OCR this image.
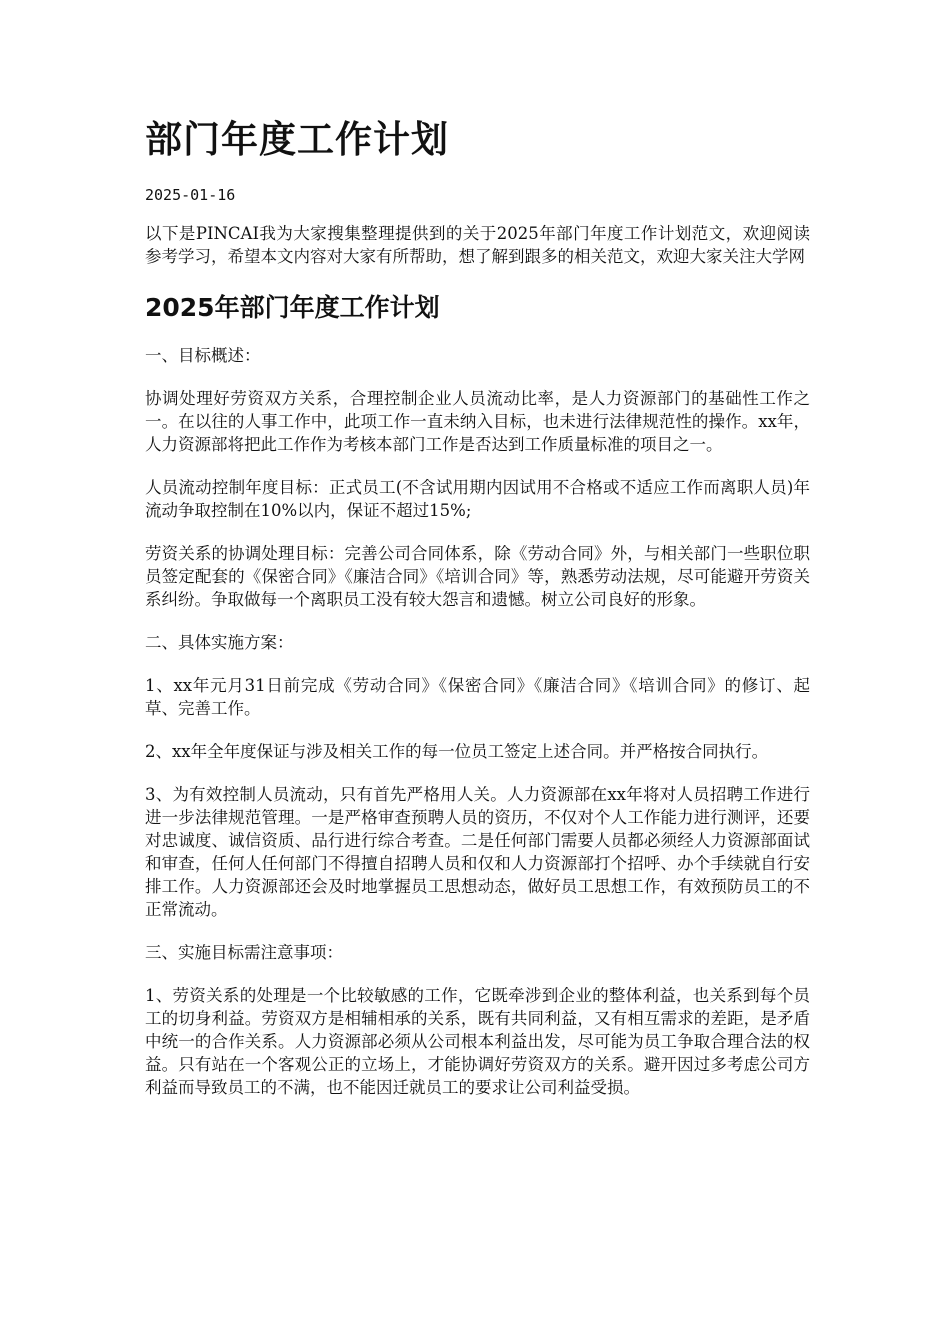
部门年度工作计划
2025-01-16

以下是PINCAI我为大家搜集整理提供到的关于2025年部门年度工作计划范文，欢迎阅读参考学习，希望本文内容对大家有所帮助，想了解到跟多的相关范文，欢迎大家关注大学网

2025年部门年度工作计划

一、目标概述：

协调处理好劳资双方关系，合理控制企业人员流动比率，是人力资源部门的基础性工作之一。在以往的人事工作中，此项工作一直未纳入目标，也未进行法律规范性的操作。xx年，人力资源部将把此工作作为考核本部门工作是否达到工作质量标准的项目之一。

人员流动控制年度目标：正式员工(不含试用期内因试用不合格或不适应工作而离职人员)年流动争取控制在10%以内，保证不超过15%;

劳资关系的协调处理目标：完善公司合同体系，除《劳动合同》外，与相关部门一些职位职员签定配套的《保密合同》《廉洁合同》《培训合同》等，熟悉劳动法规，尽可能避开劳资关系纠纷。争取做每一个离职员工没有较大怨言和遗憾。树立公司良好的形象。

二、具体实施方案：

1、xx年元月31日前完成《劳动合同》《保密合同》《廉洁合同》《培训合同》的修订、起草、完善工作。

2、xx年全年度保证与涉及相关工作的每一位员工签定上述合同。并严格按合同执行。

3、为有效控制人员流动，只有首先严格用人关。人力资源部在xx年将对人员招聘工作进行进一步法律规范管理。一是严格审查预聘人员的资历，不仅对个人工作能力进行测评，还要对忠诚度、诚信资质、品行进行综合考查。二是任何部门需要人员都必须经人力资源部面试和审查，任何人任何部门不得擅自招聘人员和仅和人力资源部打个招呼、办个手续就自行安排工作。人力资源部还会及时地掌握员工思想动态，做好员工思想工作，有效预防员工的不正常流动。

三、实施目标需注意事项：

1、劳资关系的处理是一个比较敏感的工作，它既牵涉到企业的整体利益，也关系到每个员工的切身利益。劳资双方是相辅相承的关系，既有共同利益，又有相互需求的差距，是矛盾中统一的合作关系。人力资源部必须从公司根本利益出发，尽可能为员工争取合理合法的权益。只有站在一个客观公正的立场上，才能协调好劳资双方的关系。避开因过多考虑公司方利益而导致员工的不满，也不能因迁就员工的要求让公司利益受损。
